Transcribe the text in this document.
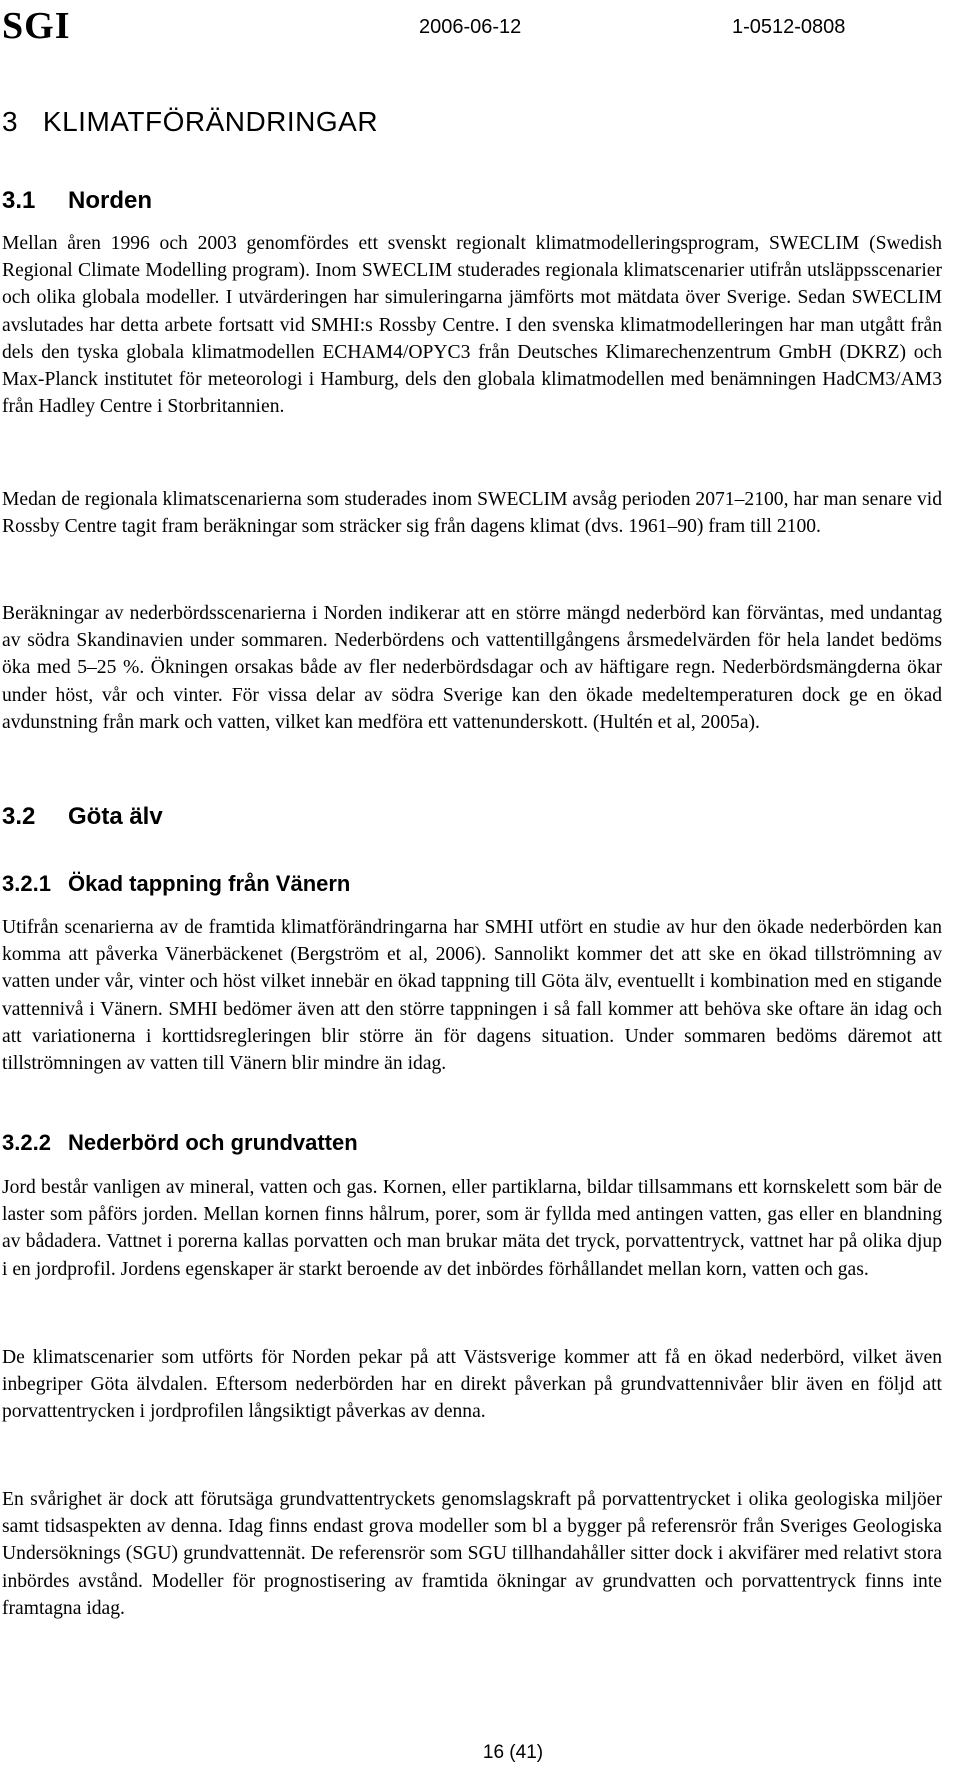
SGI	2006-06-12	1-0512-0808
3   KLIMATFÖRÄNDRINGAR
3.1 Norden

Mellan åren 1996 och 2003 genomfördes ett svenskt regionalt klimatmodelleringsprogram, SWECLIM (Swedish Regional Climate Modelling program). Inom SWECLIM studerades regionala klimatscenarier utifrån utsläppsscenarier och olika globala modeller. I utvärderingen har simuleringarna jämförts mot mätdata över Sverige. Sedan SWECLIM avslutades har detta arbete fortsatt vid SMHI:s Rossby Centre. I den svenska klimatmodelleringen har man utgått från dels den tyska globala klimatmodellen ECHAM4/OPYC3 från Deutsches Klimarechenzentrum GmbH (DKRZ) och Max-Planck institutet för meteorologi i Hamburg, dels den globala klimatmodellen med benämningen HadCM3/AM3 från Hadley Centre i Storbritannien.

Medan de regionala klimatscenarierna som studerades inom SWECLIM avsåg perioden 2071–2100, har man senare vid Rossby Centre tagit fram beräkningar som sträcker sig från dagens klimat (dvs. 1961–90) fram till 2100.

Beräkningar av nederbördsscenarierna i Norden indikerar att en större mängd nederbörd kan förväntas, med undantag av södra Skandinavien under sommaren. Nederbördens och vattentillgångens årsmedelvärden för hela landet bedöms öka med 5–25 %. Ökningen orsakas både av fler nederbördsdagar och av häftigare regn. Nederbördsmängderna ökar under höst, vår och vinter. För vissa delar av södra Sverige kan den ökade medeltemperaturen dock ge en ökad avdunstning från mark och vatten, vilket kan medföra ett vattenunderskott. (Hultén et al, 2005a).

3.2 Göta älv
3.2.1 Ökad tappning från Vänern

Utifrån scenarierna av de framtida klimatförändringarna har SMHI utfört en studie av hur den ökade nederbörden kan komma att påverka Vänerbäckenet (Bergström et al, 2006). Sannolikt kommer det att ske en ökad tillströmning av vatten under vår, vinter och höst vilket innebär en ökad tappning till Göta älv, eventuellt i kombination med en stigande vattennivå i Vänern. SMHI bedömer även att den större tappningen i så fall kommer att behöva ske oftare än idag och att variationerna i korttidsregleringen blir större än för dagens situation. Under sommaren bedöms däremot att tillströmningen av vatten till Vänern blir mindre än idag.

3.2.2 Nederbörd och grundvatten

Jord består vanligen av mineral, vatten och gas. Kornen, eller partiklarna, bildar tillsammans ett kornskelett som bär de laster som påförs jorden. Mellan kornen finns hålrum, porer, som är fyllda med antingen vatten, gas eller en blandning av bådadera. Vattnet i porerna kallas porvatten och man brukar mäta det tryck, porvattentryck, vattnet har på olika djup i en jordprofil. Jordens egenskaper är starkt beroende av det inbördes förhållandet mellan korn, vatten och gas.

De klimatscenarier som utförts för Norden pekar på att Västsverige kommer att få en ökad nederbörd, vilket även inbegriper Göta älvdalen. Eftersom nederbörden har en direkt påverkan på grundvattennivåer blir även en följd att porvattentrycken i jordprofilen långsiktigt påverkas av denna.

En svårighet är dock att förutsäga grundvattentryckets genomslagskraft på porvattentrycket i olika geologiska miljöer samt tidsaspekten av denna. Idag finns endast grova modeller som bl a bygger på referensrör från Sveriges Geologiska Undersöknings (SGU) grundvattennät. De referensrör som SGU tillhandahåller sitter dock i akvifärer med relativt stora inbördes avstånd. Modeller för prognostisering av framtida ökningar av grundvatten och porvattentryck finns inte framtagna idag.

16 (41)
